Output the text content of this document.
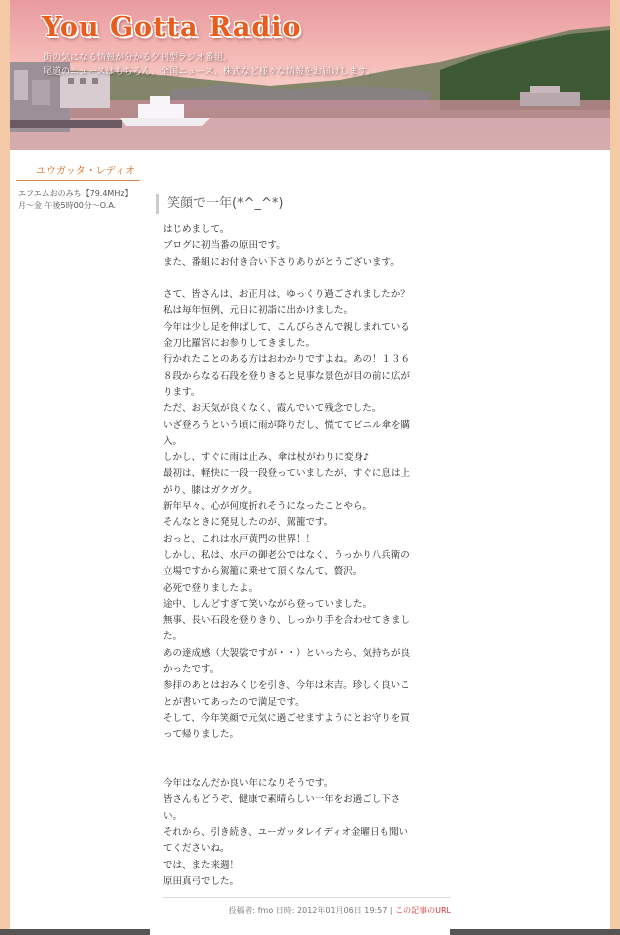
You Gotta Radio
街の気になる情報が分かる夕刊型ラジオ番組。
尾道のニュースはもちろん、全国ニュース、株式など様々な情報をお届けします。
ユウガッタ・レディオ
エフエムおのみち【79.4MHz】
月～金 午後5時00分～O.A.	笑顔で一年(*^_^*)

はじめまして。

ブログに初当番の原田です。

また、番組にお付き合い下さりありがとうございます。

さて、皆さんは、お正月は、ゆっくり過ごされましたか？

私は毎年恒例、元日に初詣に出かけました。

今年は少し足を伸ばして、こんぴらさんで親しまれている

金刀比羅宮にお参りしてきました。

行かれたことのある方はおわかりですよね。あの！１３６

８段からなる石段を登りきると見事な景色が目の前に広が

ります。

ただ、お天気が良くなく、霞んでいて残念でした。

いざ登ろうという頃に雨が降りだし、慌ててビニル傘を購

入。

しかし、すぐに雨は止み、傘は杖がわりに変身♪

最初は、軽快に一段一段登っていましたが、すぐに息は上

がり、膝はガクガク。

新年早々、心が何度折れそうになったことやら。

そんなときに発見したのが、駕籠です。

おっと、これは水戸黄門の世界！！

しかし、私は、水戸の御老公ではなく、うっかり八兵衛の

立場ですから駕籠に乗せて頂くなんて、贅沢。

必死で登りましたよ。

途中、しんどすぎて笑いながら登っていました。

無事、長い石段を登りきり、しっかり手を合わせてきまし

た。

あの達成感（大袈裟ですが・・）といったら、気持ちが良

かったです。

参拝のあとはおみくじを引き、今年は末吉。珍しく良いこ

とが書いてあったので満足です。

そして、今年笑顔で元気に過ごせますようにとお守りを買

って帰りました。

今年はなんだか良い年になりそうです。

皆さんもどうぞ、健康で素晴らしい一年をお過ごし下さ

い。

それから、引き続き、ユーガッタレイディオ金曜日も聞い

てくださいね。

では、また来週！

原田真弓でした。

投稿者: fmo 日時: 2012年01月06日 19:57 | この記事のURL
